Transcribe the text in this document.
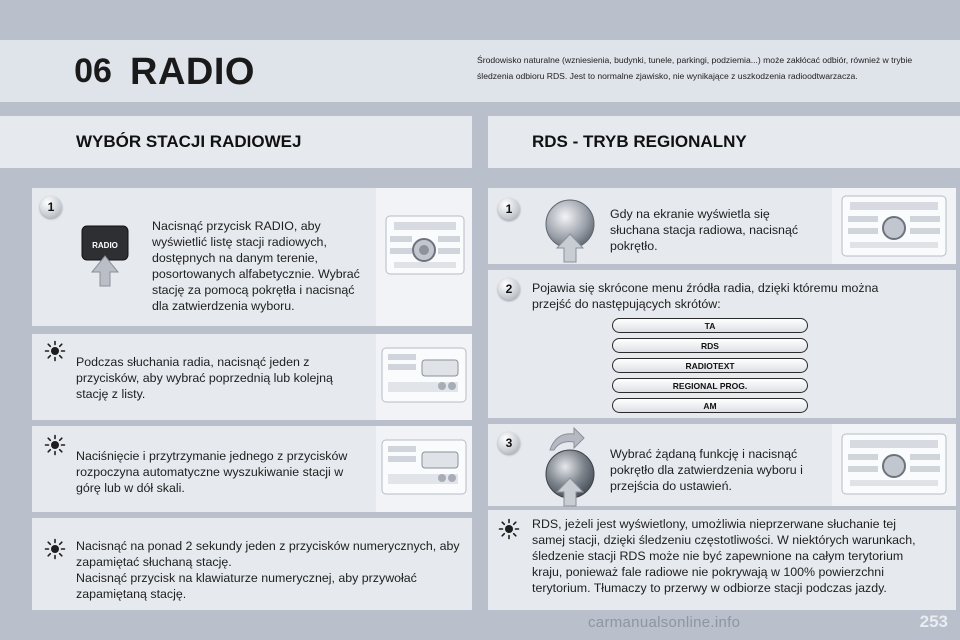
06 RADIO	Środowisko naturalne (wzniesienia, budynki, tunele, parkingi, podziemia...) może zakłócać odbiór, również w trybie śledzenia odbioru RDS. Jest to normalne zjawisko, nie wynikające z uszkodzenia radioodtwarzacza.
WYBÓR STACJI RADIOWEJ	RDS - TRYB REGIONALNY
1
RADIO
Nacisnąć przycisk RADIO, aby wyświetlić listę stacji radiowych, dostępnych na danym terenie, posortowanych alfabetycznie. Wybrać stację za pomocą pokrętła i nacisnąć dla zatwierdzenia wyboru.
Podczas słuchania radia, nacisnąć jeden z przycisków, aby wybrać poprzednią lub kolejną stację z listy.
Naciśnięcie i przytrzymanie jednego z przycisków rozpoczyna automatyczne wyszukiwanie stacji w górę lub w dół skali.
Nacisnąć na ponad 2 sekundy jeden z przycisków numerycznych, aby zapamiętać słuchaną stację.
Nacisnąć przycisk na klawiaturze numerycznej, aby przywołać zapamiętaną stację.
1	Gdy na ekranie wyświetla się słuchana stacja radiowa, nacisnąć pokrętło.
2	Pojawia się skrócone menu źródła radia, dzięki któremu można przejść do następujących skrótów:
TA
RDS
RADIOTEXT
REGIONAL PROG.
AM
3
Wybrać żądaną funkcję i nacisnąć pokrętło dla zatwierdzenia wyboru i przejścia do ustawień.
RDS, jeżeli jest wyświetlony, umożliwia nieprzerwane słuchanie tej samej stacji, dzięki śledzeniu częstotliwości. W niektórych warunkach, śledzenie stacji RDS może nie być zapewnione na całym terytorium kraju, ponieważ fale radiowe nie pokrywają w 100% powierzchni terytorium. Tłumaczy to przerwy w odbiorze stacji podczas jazdy.
carmanualsonline.info	253
